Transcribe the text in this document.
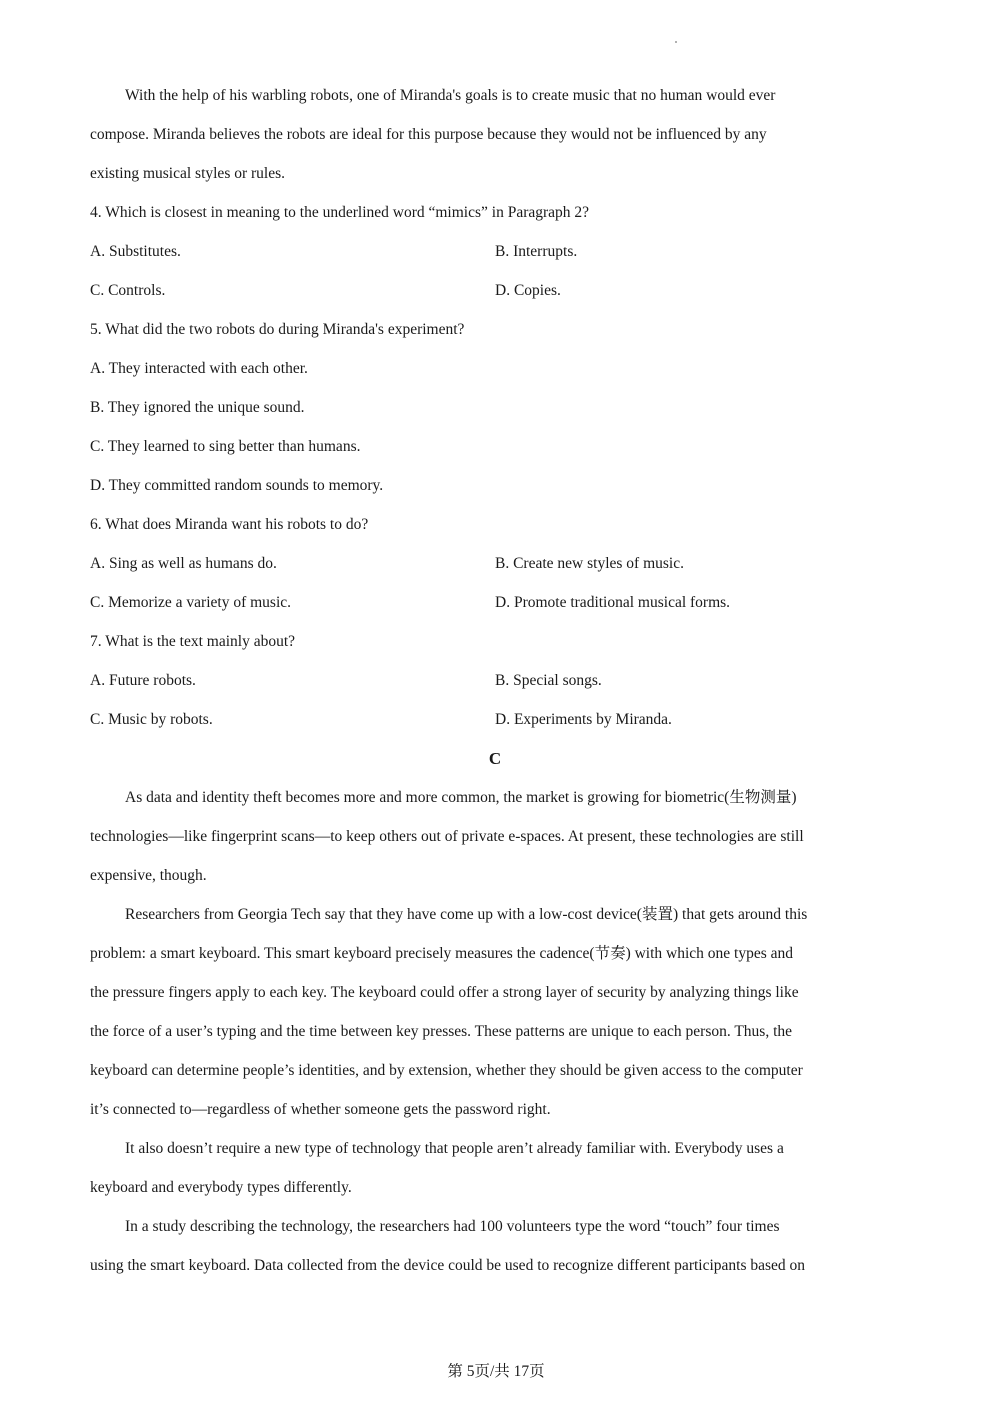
With the help of his warbling robots, one of Miranda's goals is to create music that no human would ever
compose. Miranda believes the robots are ideal for this purpose because they would not be influenced by any
existing musical styles or rules.
4. Which is closest in meaning to the underlined word “mimics” in Paragraph 2?
A. Substitutes.	B. Interrupts.
C. Controls.	D. Copies.
5. What did the two robots do during Miranda's experiment?
A. They interacted with each other.
B. They ignored the unique sound.
C. They learned to sing better than humans.
D. They committed random sounds to memory.
6. What does Miranda want his robots to do?
A. Sing as well as humans do.	B. Create new styles of music.
C. Memorize a variety of music.	D. Promote traditional musical forms.
7. What is the text mainly about?
A. Future robots.	B. Special songs.
C. Music by robots.	D. Experiments by Miranda.
C
As data and identity theft becomes more and more common, the market is growing for biometric(生物测量)
technologies—like fingerprint scans—to keep others out of private e-spaces. At present, these technologies are still
expensive, though.
Researchers from Georgia Tech say that they have come up with a low-cost device(装置) that gets around this
problem: a smart keyboard. This smart keyboard precisely measures the cadence(节奏) with which one types and
the pressure fingers apply to each key. The keyboard could offer a strong layer of security by analyzing things like
the force of a user’s typing and the time between key presses. These patterns are unique to each person. Thus, the
keyboard can determine people’s identities, and by extension, whether they should be given access to the computer
it’s connected to—regardless of whether someone gets the password right.
It also doesn’t require a new type of technology that people aren’t already familiar with. Everybody uses a
keyboard and everybody types differently.
In a study describing the technology, the researchers had 100 volunteers type the word “touch” four times
using the smart keyboard. Data collected from the device could be used to recognize different participants based on
第 5页/共 17页
